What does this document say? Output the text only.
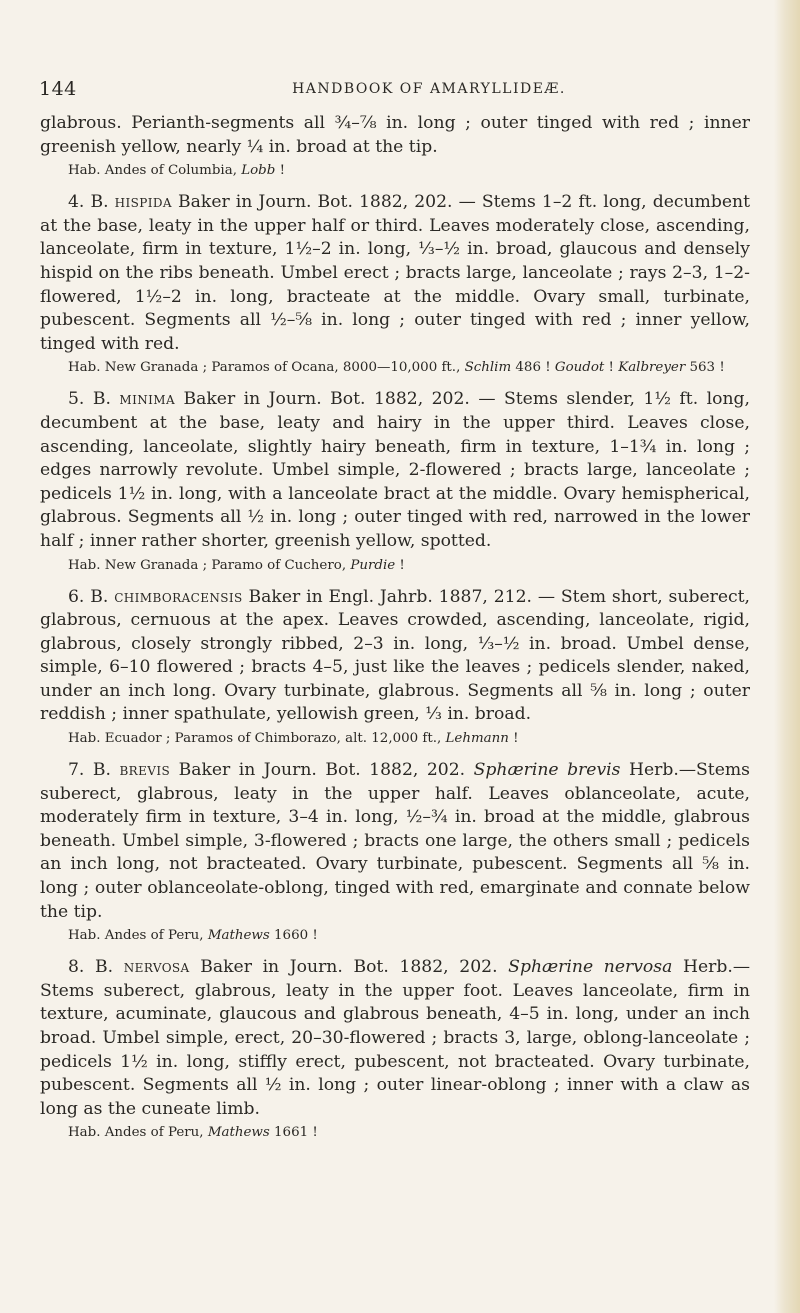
144	HANDBOOK OF AMARYLLIDEÆ.

glabrous. Perianth-segments all ¾–⅞ in. long ; outer tinged with red ; inner greenish yellow, nearly ¼ in. broad at the tip.

Hab. Andes of Columbia, Lobb !

4. B. hispida Baker in Journ. Bot. 1882, 202. — Stems 1–2 ft. long, decumbent at the base, leaty in the upper half or third. Leaves moderately close, ascending, lanceolate, firm in texture, 1½–2 in. long, ⅓–½ in. broad, glaucous and densely hispid on the ribs beneath. Umbel erect ; bracts large, lanceolate ; rays 2–3, 1–2-flowered, 1½–2 in. long, bracteate at the middle. Ovary small, turbinate, pubescent. Segments all ½–⅝ in. long ; outer tinged with red ; inner yellow, tinged with red.

Hab. New Granada ; Paramos of Ocana, 8000—10,000 ft., Schlim 486 ! Goudot ! Kalbreyer 563 !

5. B. minima Baker in Journ. Bot. 1882, 202. — Stems slender, 1½ ft. long, decumbent at the base, leaty and hairy in the upper third. Leaves close, ascending, lanceolate, slightly hairy beneath, firm in texture, 1–1¾ in. long ; edges narrowly revolute. Umbel simple, 2-flowered ; bracts large, lanceolate ; pedicels 1½ in. long, with a lanceolate bract at the middle. Ovary hemispherical, glabrous. Segments all ½ in. long ; outer tinged with red, narrowed in the lower half ; inner rather shorter, greenish yellow, spotted.

Hab. New Granada ; Paramo of Cuchero, Purdie !

6. B. chimboracensis Baker in Engl. Jahrb. 1887, 212. — Stem short, suberect, glabrous, cernuous at the apex. Leaves crowded, ascending, lanceolate, rigid, glabrous, closely strongly ribbed, 2–3 in. long, ⅓–½ in. broad. Umbel dense, simple, 6–10 flowered ; bracts 4–5, just like the leaves ; pedicels slender, naked, under an inch long. Ovary turbinate, glabrous. Segments all ⅝ in. long ; outer reddish ; inner spathulate, yellowish green, ⅓ in. broad.

Hab. Ecuador ; Paramos of Chimborazo, alt. 12,000 ft., Lehmann !

7. B. brevis Baker in Journ. Bot. 1882, 202. Sphærine brevis Herb.—Stems suberect, glabrous, leaty in the upper half. Leaves oblanceolate, acute, moderately firm in texture, 3–4 in. long, ½–¾ in. broad at the middle, glabrous beneath. Umbel simple, 3-flowered ; bracts one large, the others small ; pedicels an inch long, not bracteated. Ovary turbinate, pubescent. Segments all ⅝ in. long ; outer oblanceolate-oblong, tinged with red, emarginate and connate below the tip.

Hab. Andes of Peru, Mathews 1660 !

8. B. nervosa Baker in Journ. Bot. 1882, 202. Sphærine nervosa Herb.— Stems suberect, glabrous, leaty in the upper foot. Leaves lanceolate, firm in texture, acuminate, glaucous and glabrous beneath, 4–5 in. long, under an inch broad. Umbel simple, erect, 20–30-flowered ; bracts 3, large, oblong-lanceolate ; pedicels 1½ in. long, stiffly erect, pubescent, not bracteated. Ovary turbinate, pubescent. Segments all ½ in. long ; outer linear-oblong ; inner with a claw as long as the cuneate limb.

Hab. Andes of Peru, Mathews 1661 !
